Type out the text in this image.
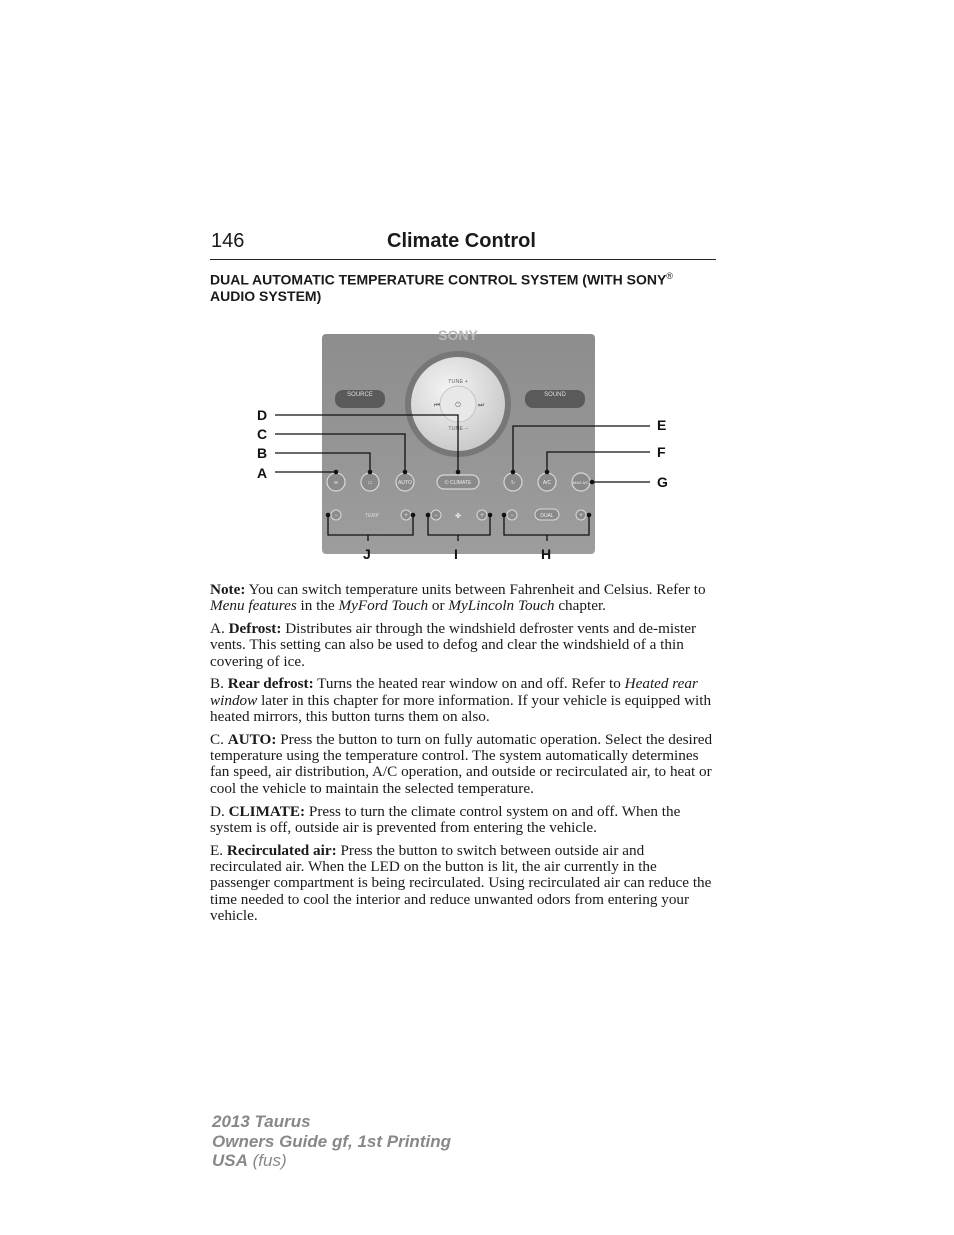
146	Climate Control
DUAL AUTOMATIC TEMPERATURE CONTROL SYSTEM (WITH SONY® AUDIO SYSTEM)
SONY
SOURCE	SOUND
TUNE +
TUNE –
⏮	⏭
⏻
≋	▭	AUTO	⏻ CLIMATE	↻	A/C	MAX A/C
−	TEMP	+	− ✤	+	−	DUAL	+
D
C
B
A
E
F
G
J	I	H

Note: You can switch temperature units between Fahrenheit and Celsius. Refer to Menu features in the MyFord Touch or MyLincoln Touch chapter.

A. Defrost: Distributes air through the windshield defroster vents and de-mister vents. This setting can also be used to defog and clear the windshield of a thin covering of ice.

B. Rear defrost: Turns the heated rear window on and off. Refer to Heated rear window later in this chapter for more information. If your vehicle is equipped with heated mirrors, this button turns them on also.

C. AUTO: Press the button to turn on fully automatic operation. Select the desired temperature using the temperature control. The system automatically determines fan speed, air distribution, A/C operation, and outside or recirculated air, to heat or cool the vehicle to maintain the selected temperature.

D. CLIMATE: Press to turn the climate control system on and off. When the system is off, outside air is prevented from entering the vehicle.

E. Recirculated air: Press the button to switch between outside air and recirculated air. When the LED on the button is lit, the air currently in the passenger compartment is being recirculated. Using recirculated air can reduce the time needed to cool the interior and reduce unwanted odors from entering your vehicle.

2013 Taurus
Owners Guide gf, 1st Printing
USA (fus)
